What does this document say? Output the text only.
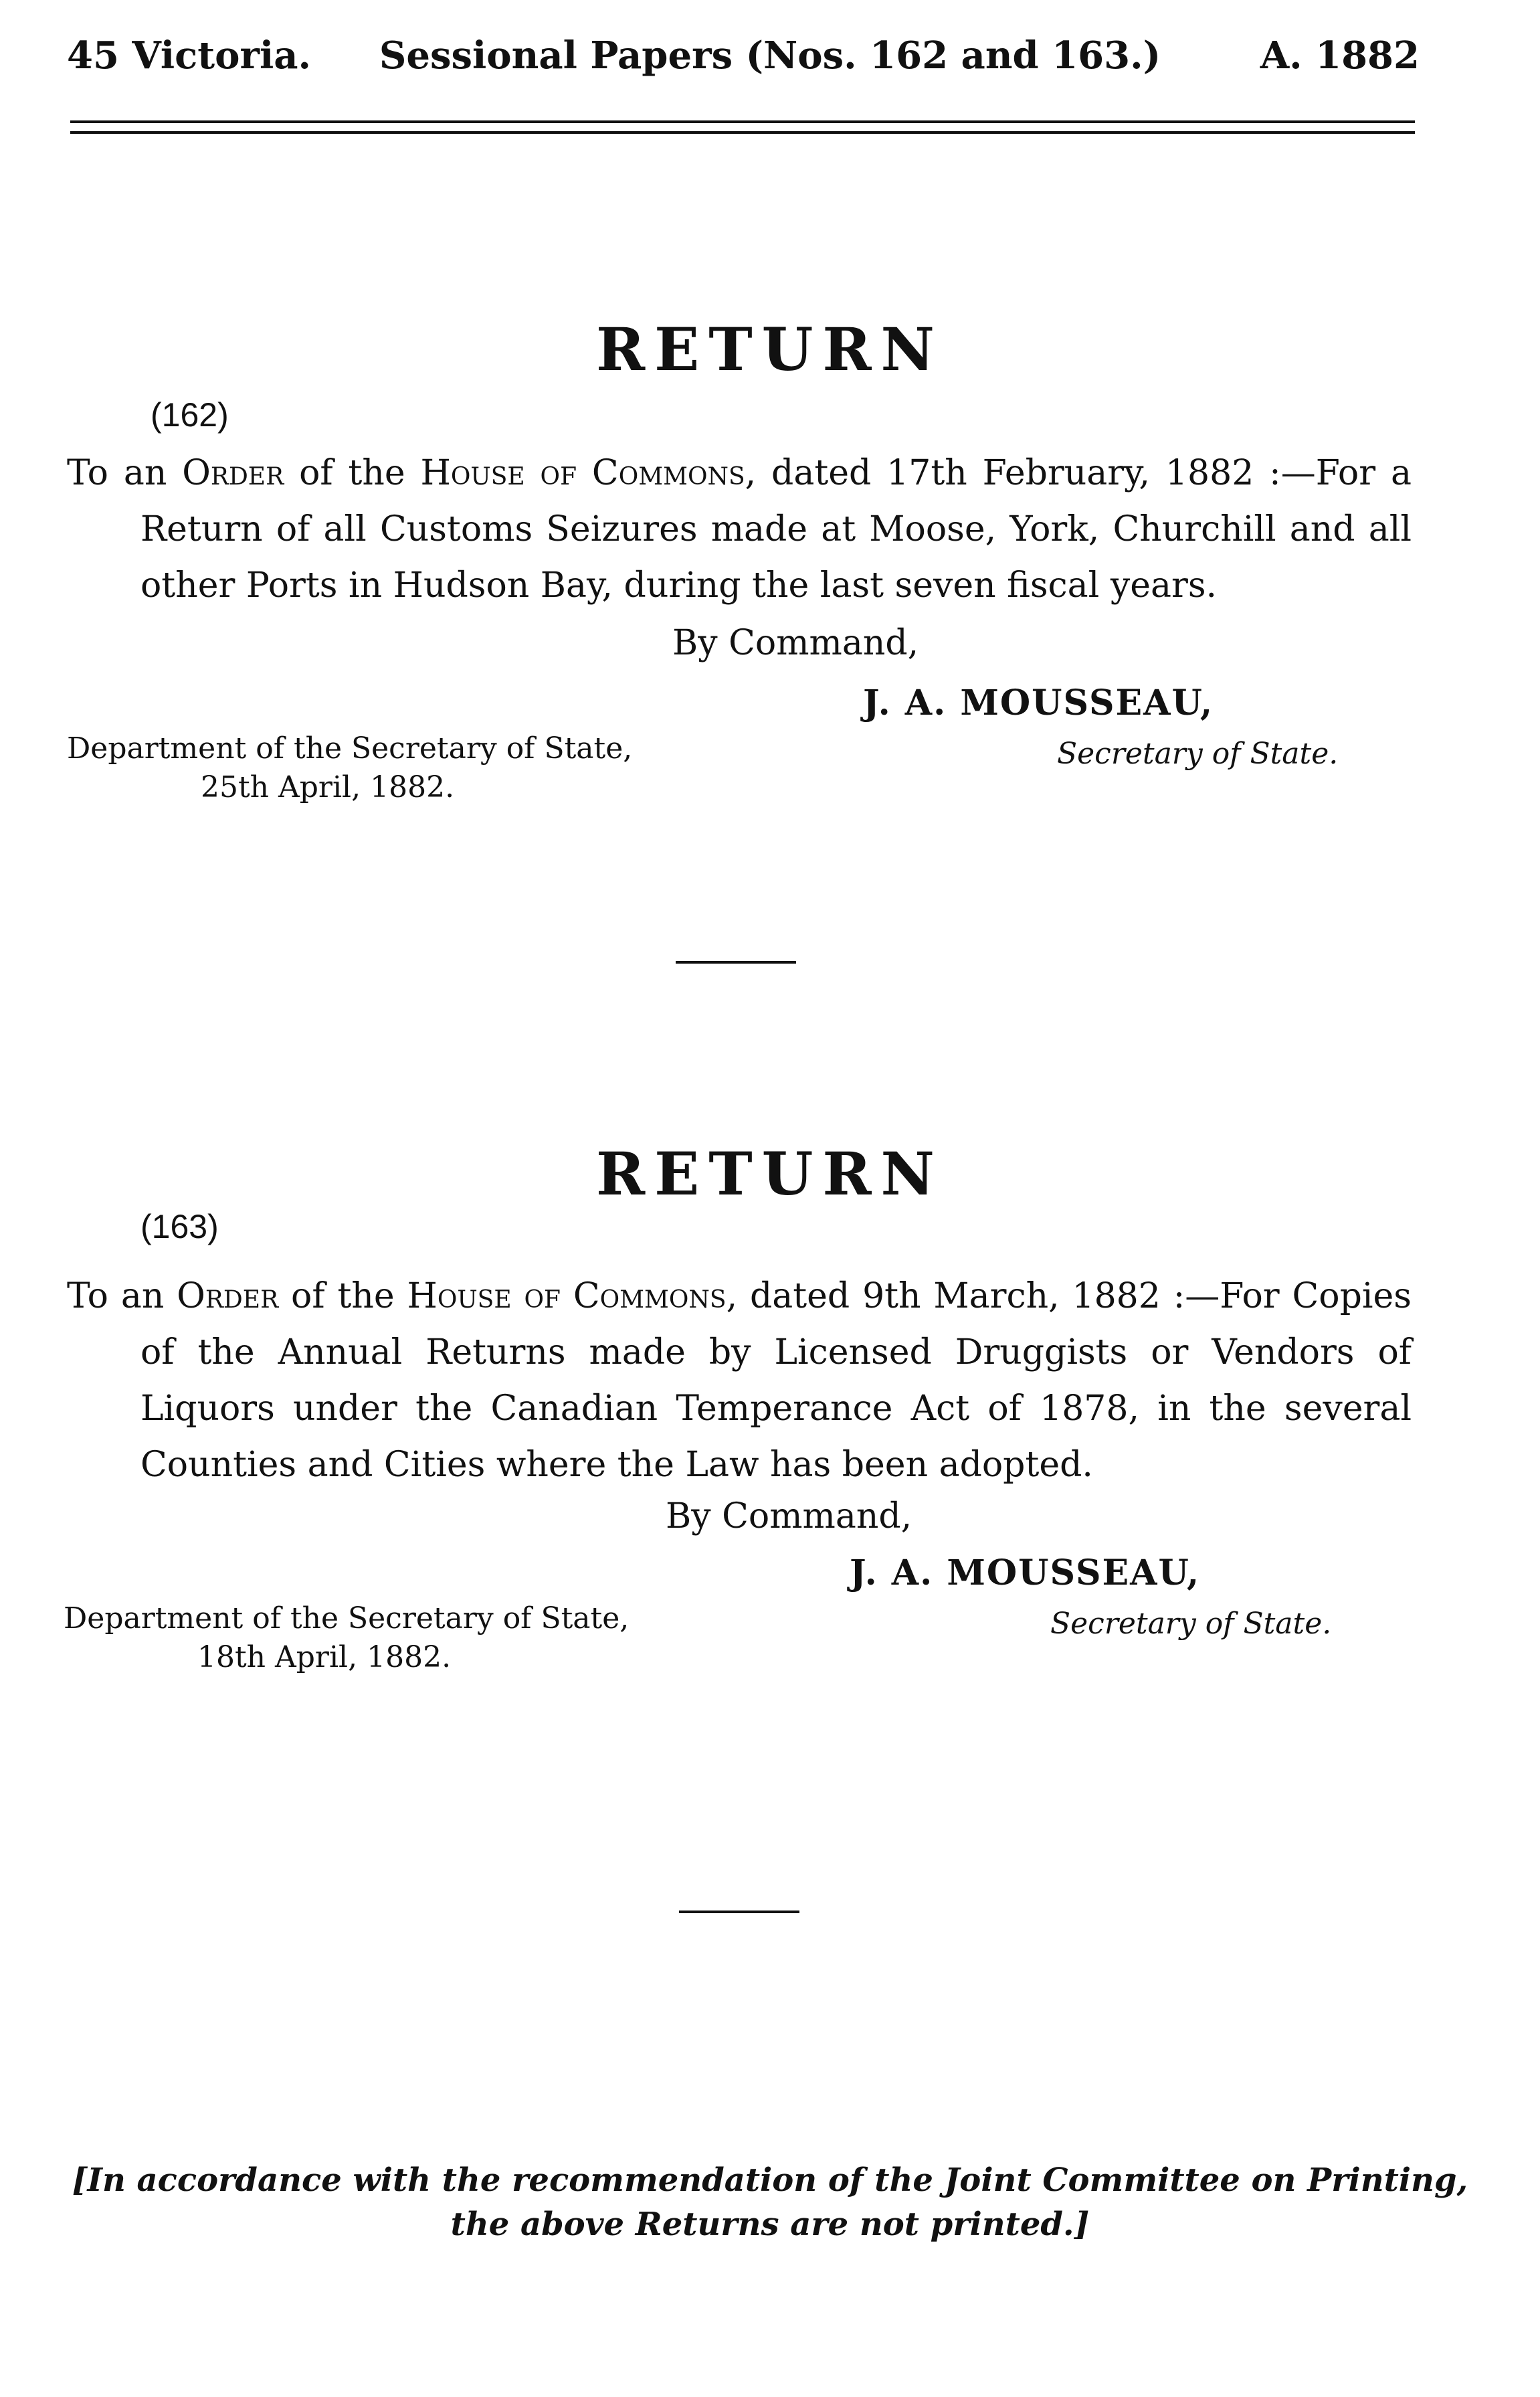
45 Victoria.	Sessional Papers (Nos. 162 and 163.)	A. 1882
RETURN
(162)
To an Order of the House of Commons, dated 17th February, 1882 :—For a Return of all Customs Seizures made at Moose, York, Churchill and all other Ports in Hudson Bay, during the last seven fiscal years.
By Command,
J. A. MOUSSEAU,
Department of the Secretary of State,
25th April, 1882.
Secretary of State.
RETURN
(163)
To an Order of the House of Commons, dated 9th March, 1882 :—For Copies of the Annual Returns made by Licensed Druggists or Vendors of Liquors under the Canadian Temperance Act of 1878, in the several Counties and Cities where the Law has been adopted.
By Command,
J. A. MOUSSEAU,
Department of the Secretary of State,
18th April, 1882.
Secretary of State.
[In accordance with the recommendation of the Joint Committee on Printing,
the above Returns are not printed.]
